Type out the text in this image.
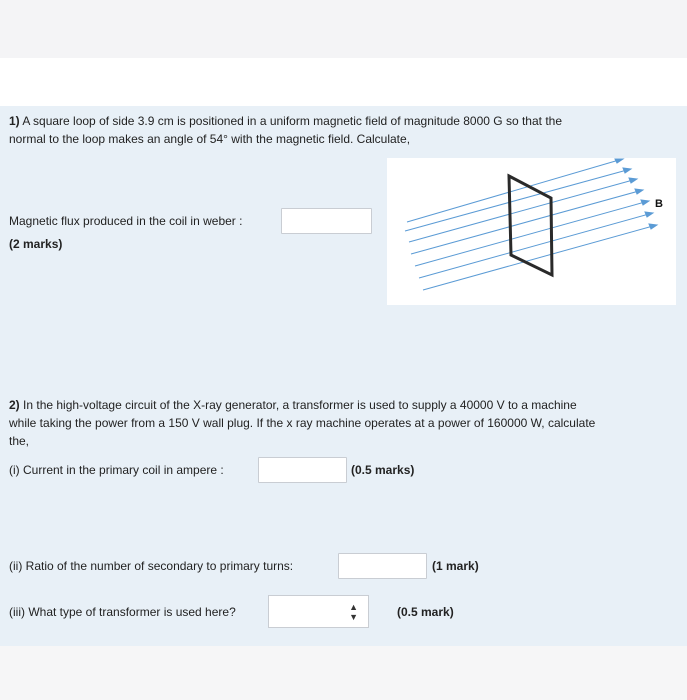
1) A square loop of side 3.9 cm is positioned in a uniform magnetic field of magnitude 8000 G so that the
normal to the loop makes an angle of 54° with the magnetic field. Calculate,
Magnetic flux produced in the coil in weber :
(2 marks)
B
2) In the high-voltage circuit of the X-ray generator, a transformer is used to supply a 40000 V to a machine
while taking the power from a 150 V wall plug. If the x ray machine operates at a power of 160000 W, calculate
the,
(i) Current in the primary coil in ampere :	(0.5 marks)
(ii) Ratio of the number of secondary to primary turns:	(1 mark)
(iii) What type of transformer is used here?	▲
▼	(0.5 mark)
